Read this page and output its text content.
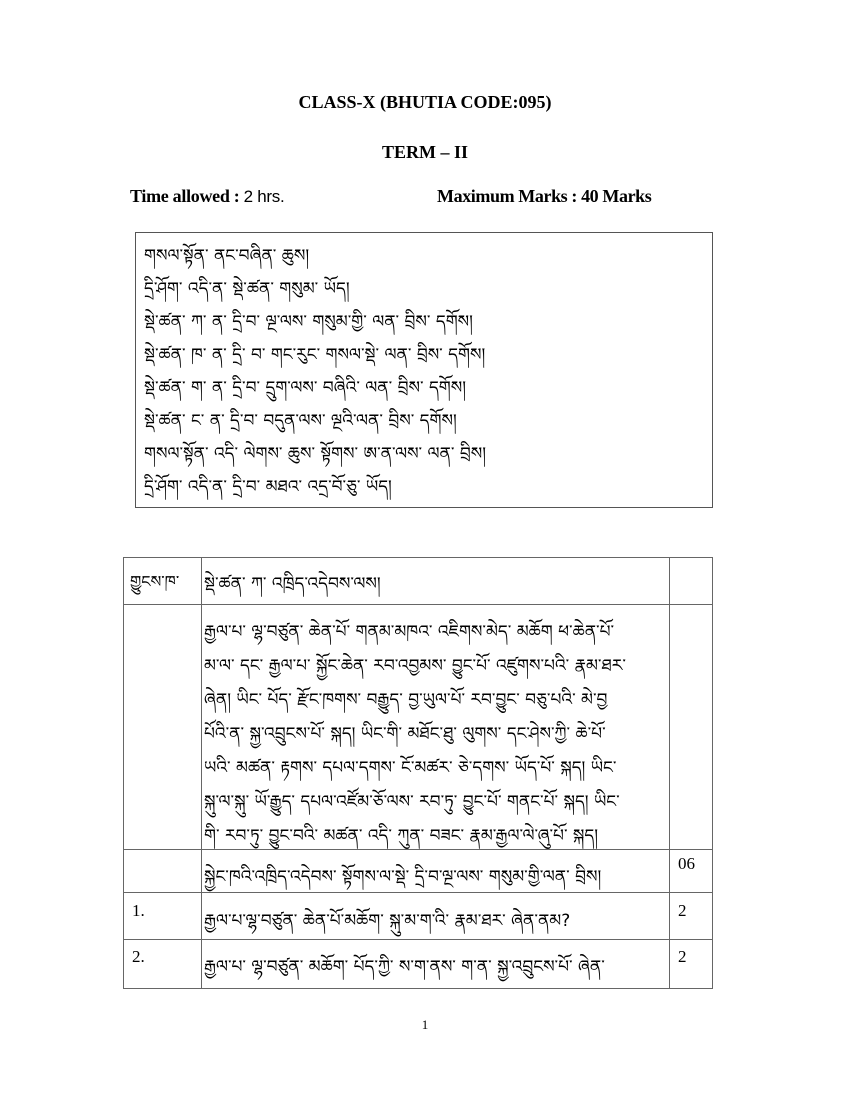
CLASS-X (BHUTIA CODE:095)
TERM – II
Time allowed : 2 hrs.	Maximum Marks : 40 Marks
གསལ་སྟོན་ ནང་བཞིན་ ཆུས།
དྲི་ཤོག་ འདི་ན་ སྡེ་ཚན་ གསུམ་ ཡོད།
སྡེ་ཚན་ ཀ་ ན་ དྲི་བ་ ལྔ་ལས་ གསུམ་གྱི་ ལན་ བྲིས་ དགོས།
སྡེ་ཚན་ ཁ་ ན་ དྲི་ བ་ གང་རུང་ གསལ་སྡེ་ ལན་ བྲིས་ དགོས།
སྡེ་ཚན་ ག་ ན་ དྲི་བ་ དྲུག་ལས་ བཞིའི་ ལན་ བྲིས་ དགོས།
སྡེ་ཚན་ ང་ ན་ དྲི་བ་ བདུན་ལས་ ལྔའི་ལན་ བྲིས་ དགོས།
གསལ་སྟོན་ འདི་ ལེགས་ ཆུས་ སྟོགས་ ཨ་ན་ལས་ ལན་ བྲིས།
དྲི་ཤོག་ འདི་ན་ དྲི་བ་ མཐའ་ འདྲ་བོ་ཅུ་ ཡོད།
གྱུངས་ཁ་ སྡེ་ཚན་ ཀ་ འཁྲིད་འདེབས་ལས།
རྒྱལ་པ་ ལྷ་བཙུན་ ཆེན་པོ་ གནམ་མཁའ་ འཇིགས་མེད་ མཆོག ཕ་ཆེན་པོ་
མ་ལ་ དང་ རྒྱལ་པ་ སྐྱོང་ཆེན་ རབ་འབྱམས་ བྱུང་པོ་ འཛུགས་པའི་ རྣམ་ཐར་
ཞེན། ཡིང་ པོད་ རྫོང་ཁགས་ བརྒྱུད་ བྱ་ཡུལ་པོ་ རབ་བྱུང་ བཅུ་པའི་ མེ་བྱ
པོའི་ན་ སྐྱ་འབྲུངས་པོ་ སྐད། ཡིང་གི་ མཐོང་ཐུ་ ལུགས་ དང་ཤེས་ཀྱི་ ཆེ་པོ་
ཡའི་ མཚན་ རྟགས་ དཔལ་དགས་ ངོ་མཚར་ ཅེ་དགས་ ཡོད་པོ་ སྐད། ཡིང་
སྐུ་ལ་སྐུ་ ཡོ་རྒྱུད་ དཔལ་འཛོམ་ཅོ་ལས་ རབ་ཏུ་ བྱུང་པོ་ གནང་པོ་ སྐད། ཡིང་
གི་ རབ་ཏུ་ བྱུང་བའི་ མཚན་ འདི་ ཀུན་ བཟང་ རྣམ་རྒྱལ་ལེ་ཞུ་པོ་ སྐད།
སྐྱེང་ཁའི་འཁྲིད་འདེབས་ སྟོགས་ལ་སྡེ་ དྲི་བ་ལྔ་ལས་ གསུམ་གྱི་ལན་ བྲིས།
06
1.
རྒྱལ་པ་ལྷ་བཙུན་ ཆེན་པོ་མཆོག་ སྐུ་མ་ག་འི་ རྣམ་ཐར་ ཞེན་ནམ?
2
2.
རྒྱལ་པ་ ལྷ་བཙུན་ མཆོག་ པོད་ཀྱི་ ས་ག་ནས་ ག་ན་ སྐྱ་འབྲུངས་པོ་ ཞེན་
2
1
